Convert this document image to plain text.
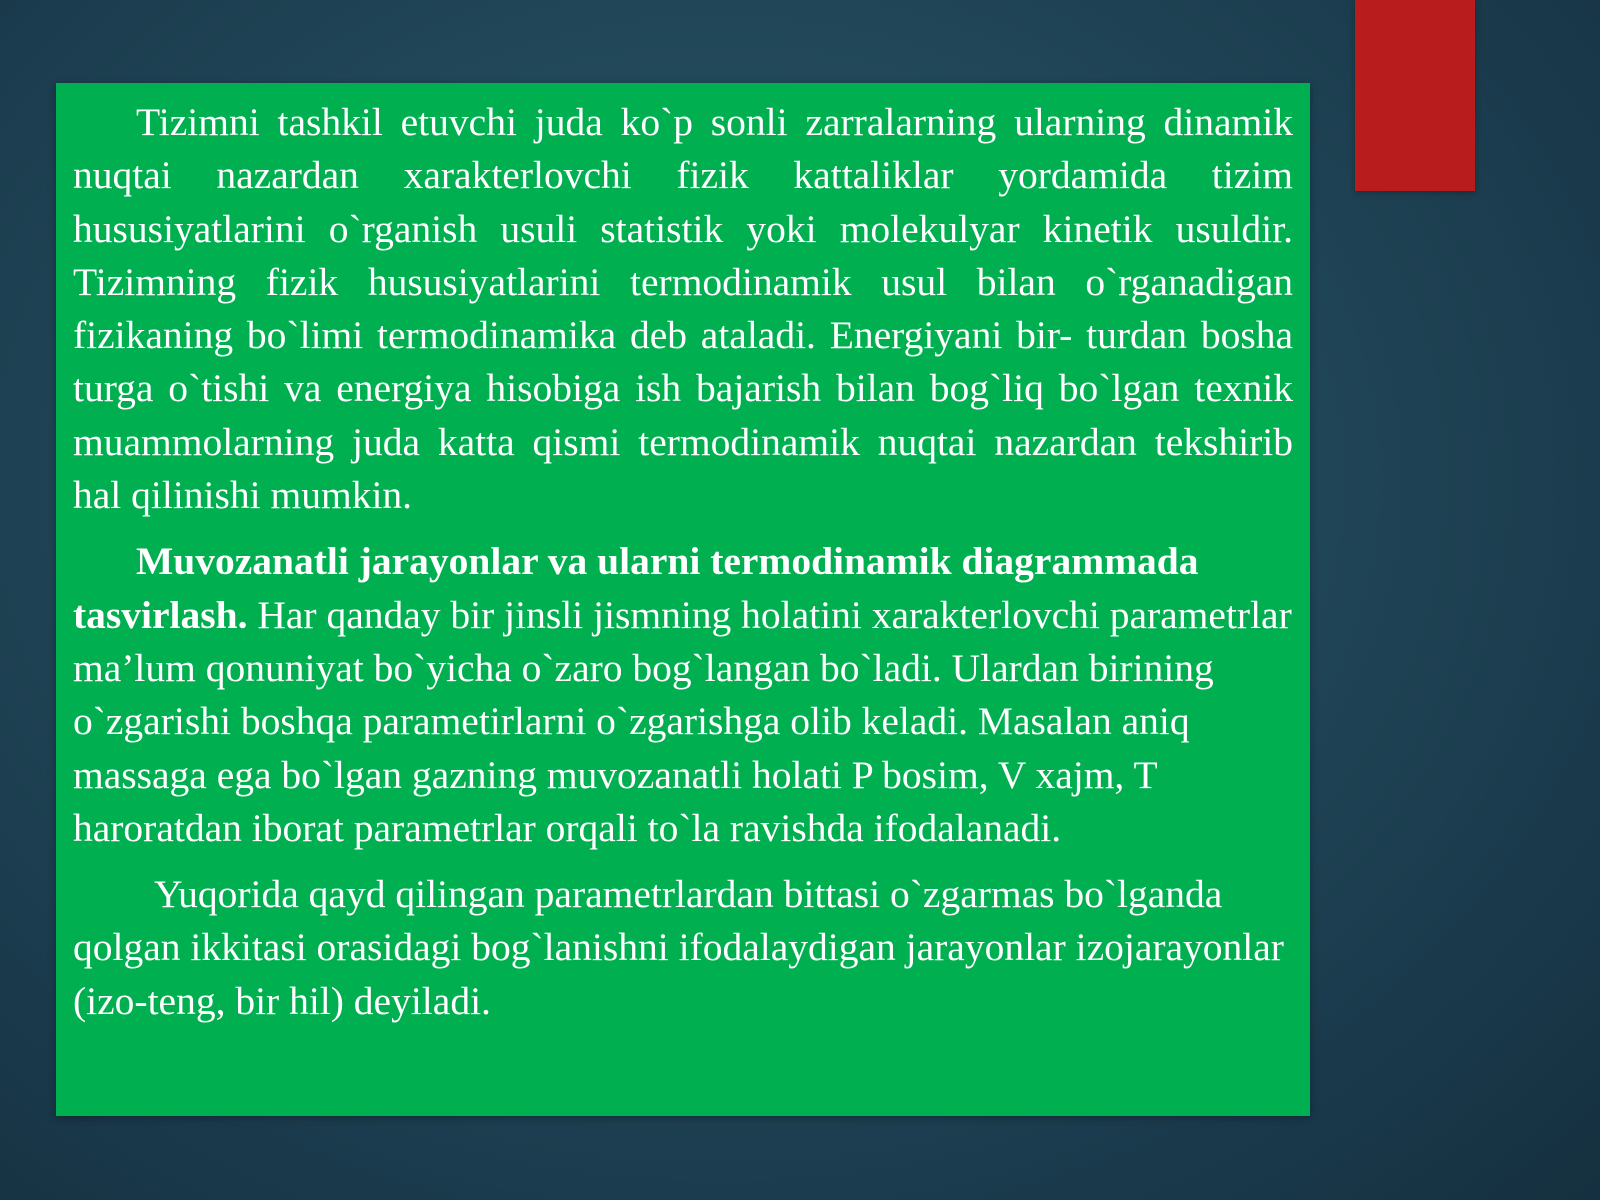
Tizimni tashkil etuvchi juda ko`p sonli zarralarning ularning dinamik nuqtai nazardan xarakterlovchi fizik kattaliklar yordamida tizim hususiyatlarini o`rganish usuli statistik yoki molekulyar kinetik usuldir. Tizimning fizik hususiyatlarini termodinamik usul bilan o`rganadigan fizikaning bo`limi termodinamika deb ataladi. Energiyani bir- turdan bosha turga o`tishi va energiya hisobiga ish bajarish bilan bog`liq bo`lgan texnik muammolarning juda katta qismi termodinamik nuqtai nazardan tekshirib hal qilinishi mumkin.

Muvozanatli jarayonlar va ularni termodinamik diagrammada tasvirlash. Har qanday bir jinsli jismning holatini xarakterlovchi parametrlar ma’lum qonuniyat bo`yicha o`zaro bog`langan bo`ladi. Ulardan birining o`zgarishi boshqa parametirlarni o`zgarishga olib keladi. Masalan aniq massaga ega bo`lgan gazning muvozanatli holati P bosim, V xajm, T haroratdan iborat parametrlar orqali to`la ravishda ifodalanadi.

Yuqorida qayd qilingan parametrlardan bittasi o`zgarmas bo`lganda qolgan ikkitasi orasidagi bog`lanishni ifodalaydigan jarayonlar izojarayonlar (izo-teng, bir hil) deyiladi.
